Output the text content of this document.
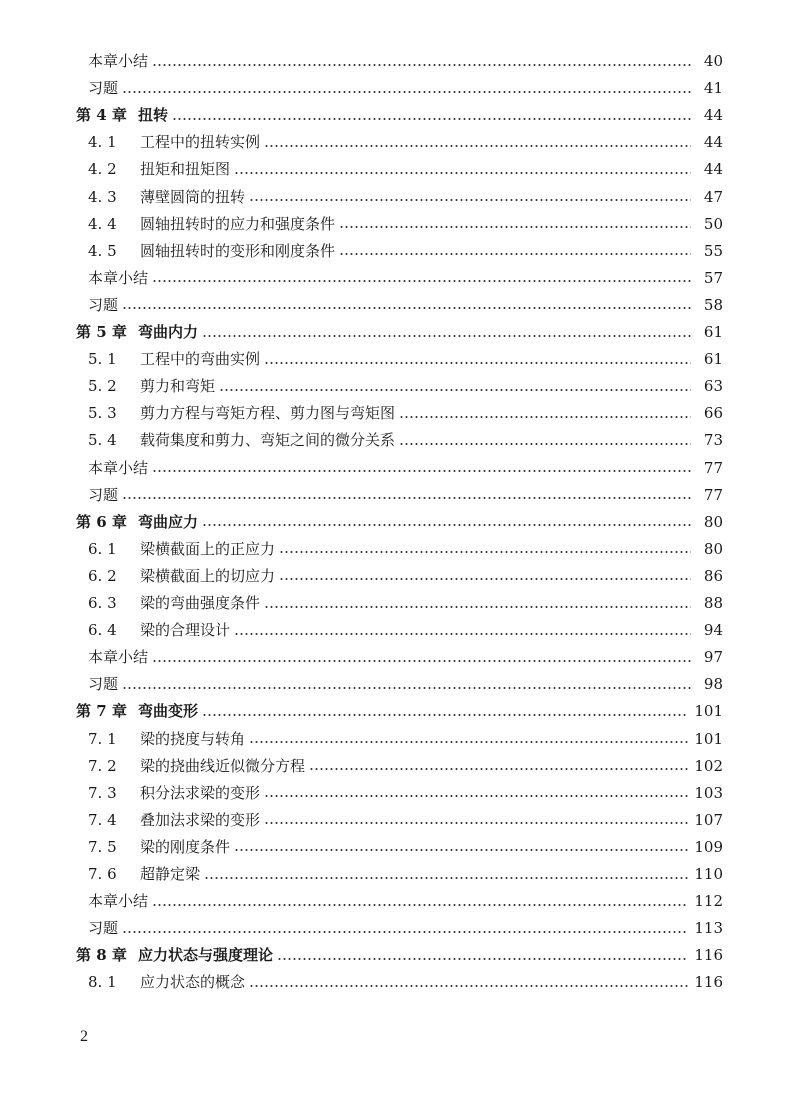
本章小结	40
习题	41
第 4 章 扭转	44
4. 1	工程中的扭转实例	44
4. 2	扭矩和扭矩图	44
4. 3	薄壁圆筒的扭转	47
4. 4	圆轴扭转时的应力和强度条件	50
4. 5	圆轴扭转时的变形和刚度条件	55
本章小结	57
习题	58
第 5 章 弯曲内力	61
5. 1	工程中的弯曲实例	61
5. 2	剪力和弯矩	63
5. 3	剪力方程与弯矩方程、剪力图与弯矩图	66
5. 4	载荷集度和剪力、弯矩之间的微分关系	73
本章小结	77
习题	77
第 6 章 弯曲应力	80
6. 1	梁横截面上的正应力	80
6. 2	梁横截面上的切应力	86
6. 3	梁的弯曲强度条件	88
6. 4	梁的合理设计	94
本章小结	97
习题	98
第 7 章 弯曲变形	101
7. 1	梁的挠度与转角	101
7. 2	梁的挠曲线近似微分方程	102
7. 3	积分法求梁的变形	103
7. 4	叠加法求梁的变形	107
7. 5	梁的刚度条件	109
7. 6	超静定梁	110
本章小结	112
习题	113
第 8 章 应力状态与强度理论	116
8. 1	应力状态的概念	116
2
